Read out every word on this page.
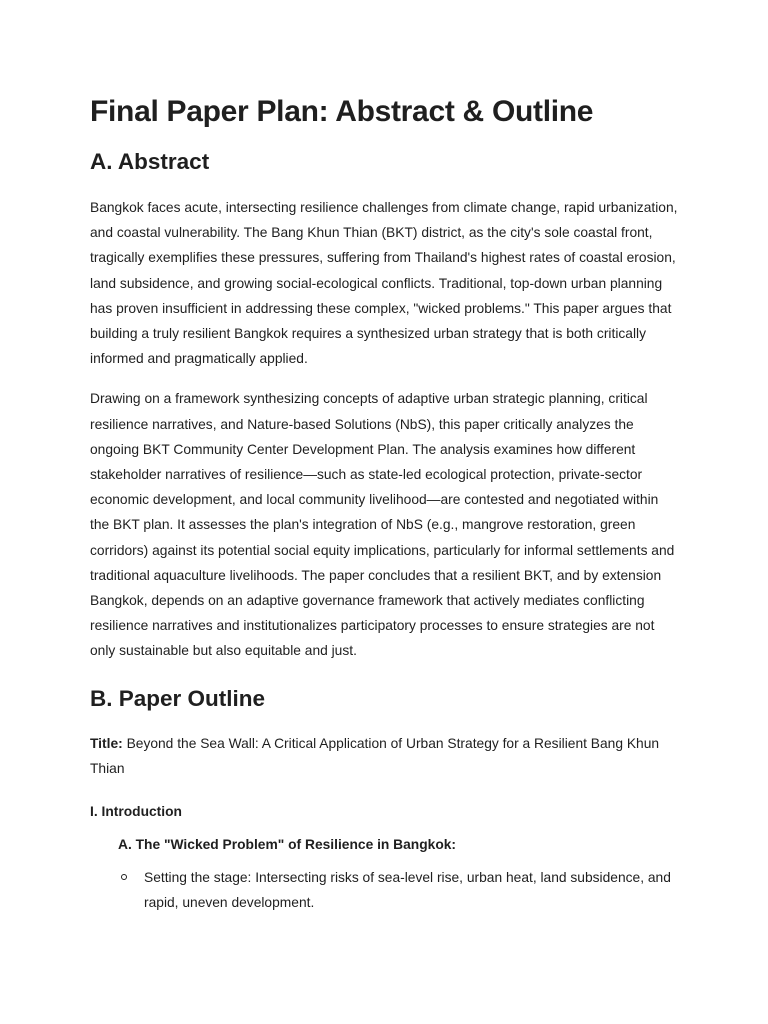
Final Paper Plan: Abstract & Outline
A. Abstract

Bangkok faces acute, intersecting resilience challenges from climate change, rapid urbanization, and coastal vulnerability. The Bang Khun Thian (BKT) district, as the city's sole coastal front, tragically exemplifies these pressures, suffering from Thailand's highest rates of coastal erosion, land subsidence, and growing social-ecological conflicts. Traditional, top-down urban planning has proven insufficient in addressing these complex, "wicked problems." This paper argues that building a truly resilient Bangkok requires a synthesized urban strategy that is both critically informed and pragmatically applied.

Drawing on a framework synthesizing concepts of adaptive urban strategic planning, critical resilience narratives, and Nature-based Solutions (NbS), this paper critically analyzes the ongoing BKT Community Center Development Plan. The analysis examines how different stakeholder narratives of resilience—such as state-led ecological protection, private-sector economic development, and local community livelihood—are contested and negotiated within the BKT plan. It assesses the plan's integration of NbS (e.g., mangrove restoration, green corridors) against its potential social equity implications, particularly for informal settlements and traditional aquaculture livelihoods. The paper concludes that a resilient BKT, and by extension Bangkok, depends on an adaptive governance framework that actively mediates conflicting resilience narratives and institutionalizes participatory processes to ensure strategies are not only sustainable but also equitable and just.

B. Paper Outline

Title: Beyond the Sea Wall: A Critical Application of Urban Strategy for a Resilient Bang Khun Thian

I. Introduction
A. The "Wicked Problem" of Resilience in Bangkok:
Setting the stage: Intersecting risks of sea-level rise, urban heat, land subsidence, and rapid, uneven development.
